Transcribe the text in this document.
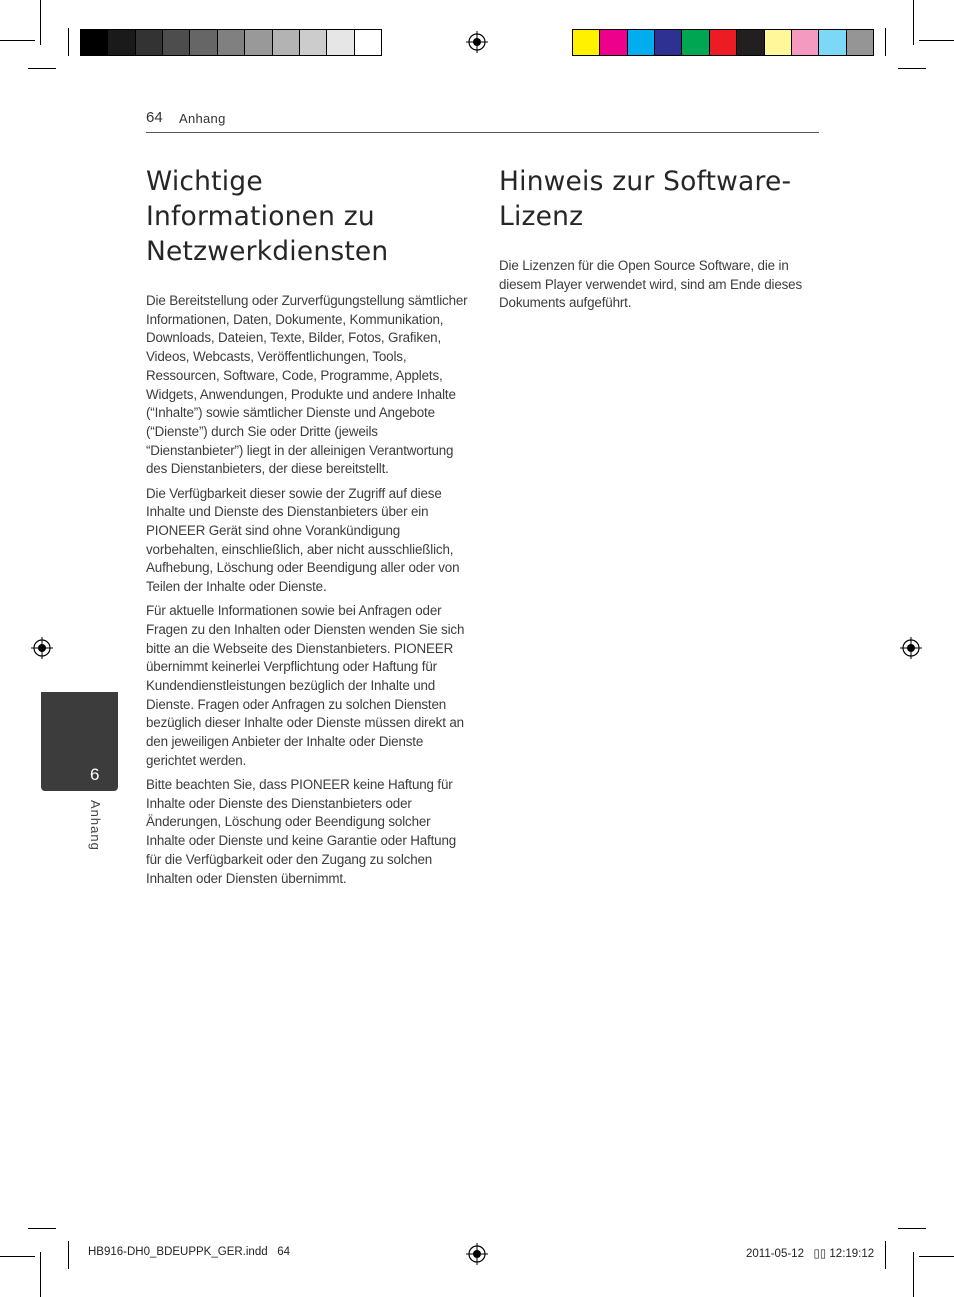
64 Anhang
Wichtige
Informationen zu
Netzwerkdiensten

Die Bereitstellung oder Zurverfügungstellung sämtlicher Informationen, Daten, Dokumente, Kommunikation, Downloads, Dateien, Texte, Bilder, Fotos, Grafiken, Videos, Webcasts, Veröffentlichungen, Tools, Ressourcen, Software, Code, Programme, Applets, Widgets, Anwendungen, Produkte und andere Inhalte (“Inhalte”) sowie sämtlicher Dienste und Angebote (“Dienste”) durch Sie oder Dritte (jeweils “Dienstanbieter”) liegt in der alleinigen Verantwortung des Dienstanbieters, der diese bereitstellt.

Die Verfügbarkeit dieser sowie der Zugriff auf diese Inhalte und Dienste des Dienstanbieters über ein PIONEER Gerät sind ohne Vorankündigung vorbehalten, einschließlich, aber nicht ausschließlich, Aufhebung, Löschung oder Beendigung aller oder von Teilen der Inhalte oder Dienste.

Für aktuelle Informationen sowie bei Anfragen oder Fragen zu den Inhalten oder Diensten wenden Sie sich bitte an die Webseite des Dienstanbieters. PIONEER übernimmt keinerlei Verpflichtung oder Haftung für Kundendienstleistungen bezüglich der Inhalte und Dienste. Fragen oder Anfragen zu solchen Diensten bezüglich dieser Inhalte oder Dienste müssen direkt an den jeweiligen Anbieter der Inhalte oder Dienste gerichtet werden.

Bitte beachten Sie, dass PIONEER keine Haftung für Inhalte oder Dienste des Dienstanbieters oder Änderungen, Löschung oder Beendigung solcher Inhalte oder Dienste und keine Garantie oder Haftung für die Verfügbarkeit oder den Zugang zu solchen Inhalten oder Diensten übernimmt.

Hinweis zur Software-
Lizenz

Die Lizenzen für die Open Source Software, die in diesem Player verwendet wird, sind am Ende dieses Dokuments aufgeführt.

6
Anhang
HB916-DH0_BDEUPPK_GER.indd   64	2011-05-12   ▯▯ 12:19:12
